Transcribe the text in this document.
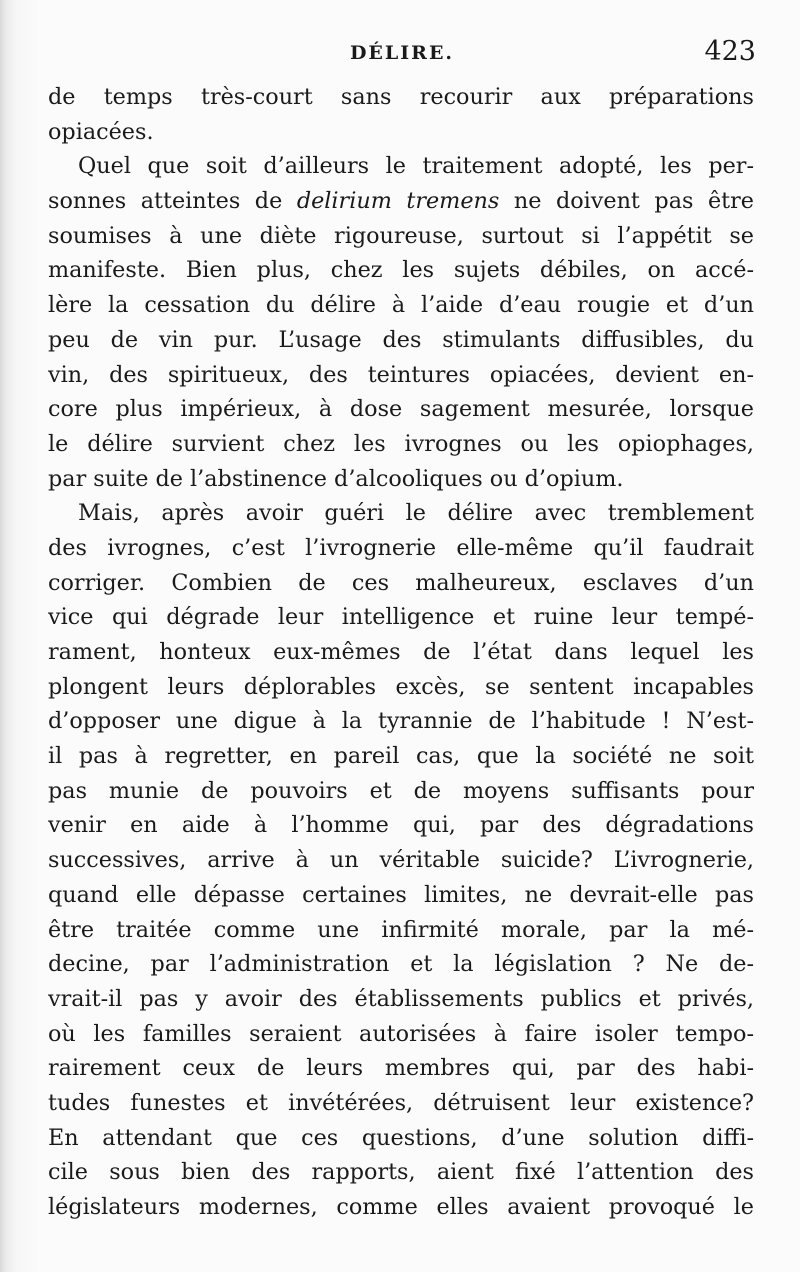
DÉLIRE.	423
de temps très-court sans recourir aux préparations
opiacées.
Quel que soit d’ailleurs le traitement adopté, les per-
sonnes atteintes de delirium tremens ne doivent pas être
soumises à une diète rigoureuse, surtout si l’appétit se
manifeste. Bien plus, chez les sujets débiles, on accé-
lère la cessation du délire à l’aide d’eau rougie et d’un
peu de vin pur. L’usage des stimulants diffusibles, du
vin, des spiritueux, des teintures opiacées, devient en-
core plus impérieux, à dose sagement mesurée, lorsque
le délire survient chez les ivrognes ou les opiophages,
par suite de l’abstinence d’alcooliques ou d’opium.
Mais, après avoir guéri le délire avec tremblement
des ivrognes, c’est l’ivrognerie elle-même qu’il faudrait
corriger. Combien de ces malheureux, esclaves d’un
vice qui dégrade leur intelligence et ruine leur tempé-
rament, honteux eux-mêmes de l’état dans lequel les
plongent leurs déplorables excès, se sentent incapables
d’opposer une digue à la tyrannie de l’habitude ! N’est-
il pas à regretter, en pareil cas, que la société ne soit
pas munie de pouvoirs et de moyens suffisants pour
venir en aide à l’homme qui, par des dégradations
successives, arrive à un véritable suicide? L’ivrognerie,
quand elle dépasse certaines limites, ne devrait-elle pas
être traitée comme une infirmité morale, par la mé-
decine, par l’administration et la législation ? Ne de-
vrait-il pas y avoir des établissements publics et privés,
où les familles seraient autorisées à faire isoler tempo-
rairement ceux de leurs membres qui, par des habi-
tudes funestes et invétérées, détruisent leur existence?
En attendant que ces questions, d’une solution diffi-
cile sous bien des rapports, aient fixé l’attention des
législateurs modernes, comme elles avaient provoqué le
